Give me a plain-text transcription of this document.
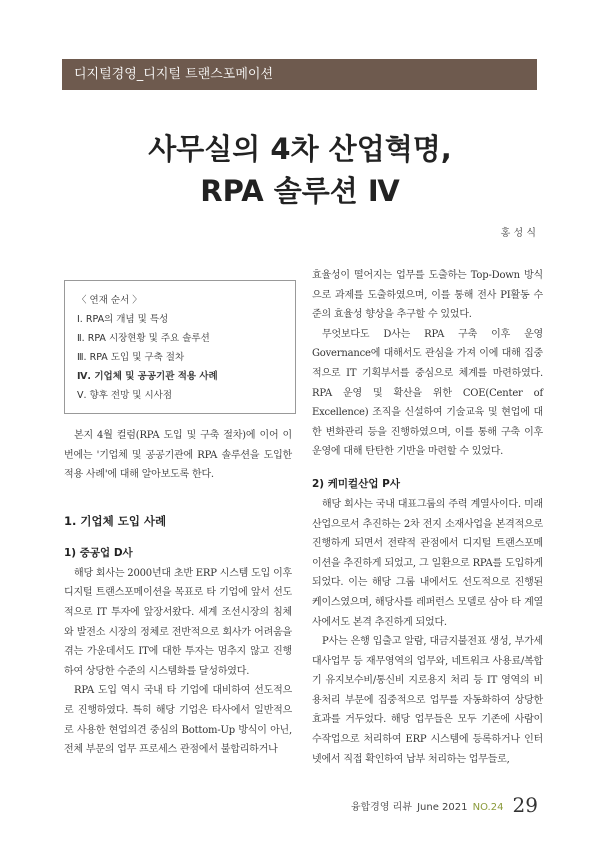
디지털경영_디지털 트랜스포메이션
사무실의 4차 산업혁명,
RPA 솔루션 Ⅳ
홍 성 식
〈 연재 순서 〉
Ⅰ. RPA의 개념 및 특성
Ⅱ. RPA 시장현황 및 주요 솔루션
Ⅲ. RPA 도입 및 구축 절차
Ⅳ. 기업체 및 공공기관 적용 사례
Ⅴ. 향후 전망 및 시사점

본지 4월 컬럼(RPA 도입 및 구축 절차)에 이어 이번에는 '기업체 및 공공기관에 RPA 솔루션을 도입한 적용 사례'에 대해 알아보도록 한다.

1. 기업체 도입 사례
1) 중공업 D사

해당 회사는 2000년대 초반 ERP 시스템 도입 이후 디지털 트랜스포메이션을 목표로 타 기업에 앞서 선도적으로 IT 투자에 앞장서왔다. 세계 조선시장의 침체와 발전소 시장의 정체로 전반적으로 회사가 어려움을 겪는 가운데서도 IT에 대한 투자는 멈추지 않고 진행하여 상당한 수준의 시스템화를 달성하였다.

RPA 도입 역시 국내 타 기업에 대비하여 선도적으로 진행하였다. 특히 해당 기업은 타사에서 일반적으로 사용한 현업의견 중심의 Bottom-Up 방식이 아닌, 전체 부문의 업무 프로세스 관점에서 불합리하거나

효율성이 떨어지는 업무를 도출하는 Top-Down 방식으로 과제를 도출하였으며, 이를 통해 전사 PI활동 수준의 효율성 향상을 추구할 수 있었다.

무엇보다도 D사는 RPA 구축 이후 운영 Governance에 대해서도 관심을 가져 이에 대해 집중적으로 IT 기획부서를 중심으로 체계를 마련하였다. RPA 운영 및 확산을 위한 COE(Center of Excellence) 조직을 신설하여 기술교육 및 현업에 대한 변화관리 등을 진행하였으며, 이를 통해 구축 이후 운영에 대해 탄탄한 기반을 마련할 수 있었다.

2) 케미컬산업 P사

해당 회사는 국내 대표그룹의 주력 계열사이다. 미래 산업으로서 추진하는 2차 전지 소재사업을 본격적으로 진행하게 되면서 전략적 관점에서 디지털 트랜스포메이션을 추진하게 되었고, 그 일환으로 RPA를 도입하게 되었다. 이는 해당 그룹 내에서도 선도적으로 진행된 케이스였으며, 해당사를 레퍼런스 모델로 삼아 타 계열사에서도 본격 추진하게 되었다.

P사는 은행 입출고 알람, 대금지불전표 생성, 부가세 대사업무 등 재무영역의 업무와, 네트워크 사용료/복합기 유지보수비/통신비 지로용지 처리 등 IT 영역의 비용처리 부문에 집중적으로 업무를 자동화하여 상당한 효과를 거두었다. 해당 업무들은 모두 기존에 사람이 수작업으로 처리하여 ERP 시스템에 등록하거나 인터넷에서 직접 확인하여 납부 처리하는 업무들로,

융합경영 리뷰 June 2021 NO.24 29
